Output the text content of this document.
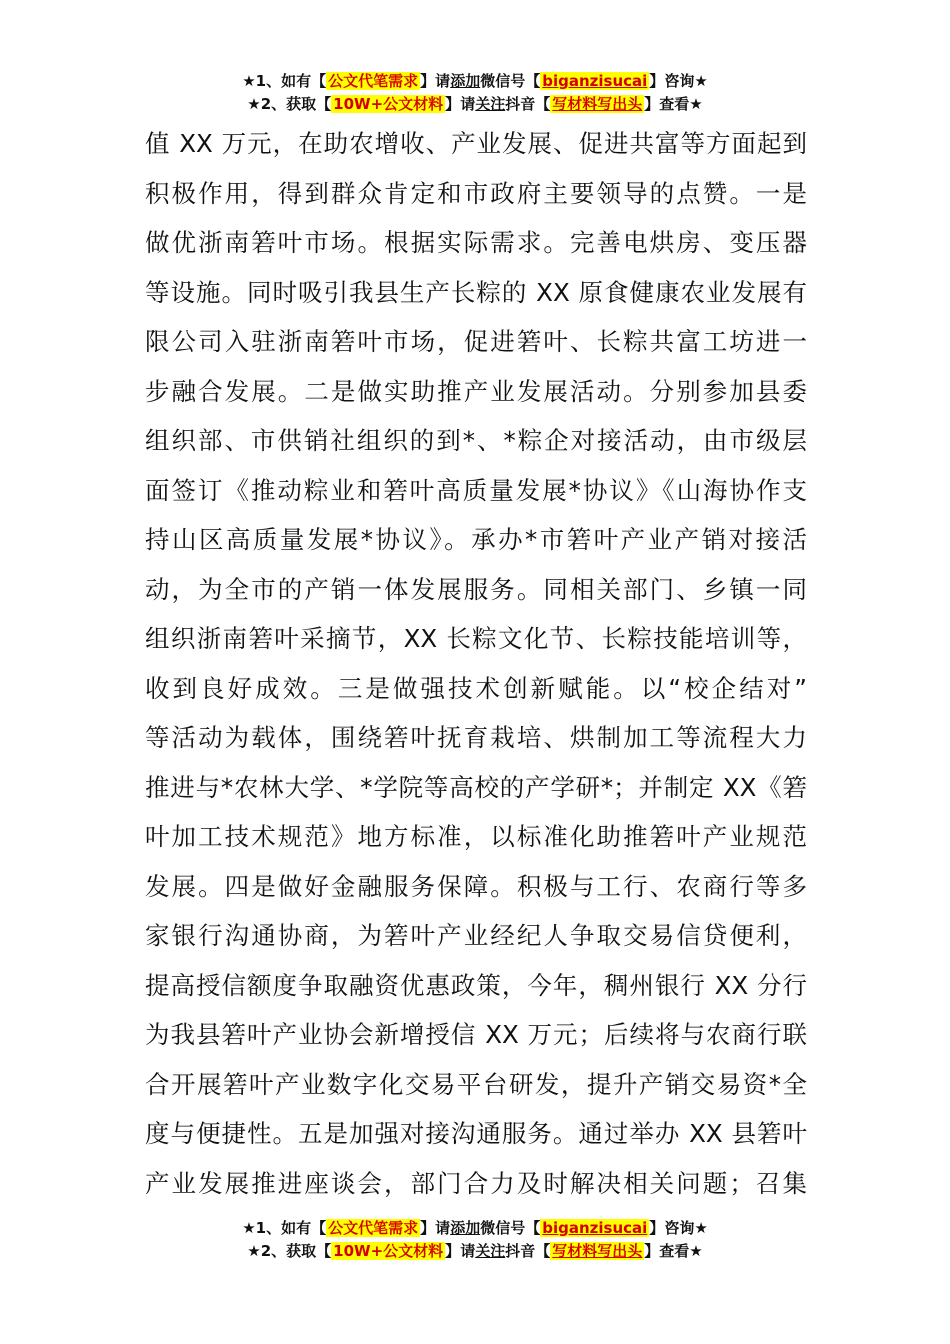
★1、如有【 公文代笔需求 】请添加微信号【 biganzisucai 】咨询★
★2、获取【 10W+公文材料 】请关注抖音【 写材料写出头 】查看★
值 XX 万元，在助农增收、产业发展、促进共富等方面起到
积极作用，得到群众肯定和市政府主要领导的点赞。一是
做优浙南箬叶市场。根据实际需求。完善电烘房、变压器
等设施。同时吸引我县生产长粽的 XX 原食健康农业发展有
限公司入驻浙南箬叶市场，促进箬叶、长粽共富工坊进一
步融合发展。二是做实助推产业发展活动。分别参加县委
组织部、市供销社组织的到*、*粽企对接活动，由市级层
面签订《推动粽业和箬叶高质量发展*协议》《山海协作支
持山区高质量发展*协议》。承办*市箬叶产业产销对接活
动，为全市的产销一体发展服务。同相关部门、乡镇一同
组织浙南箬叶采摘节，XX 长粽文化节、长粽技能培训等，
收到良好成效。三是做强技术创新赋能。以“校企结对”
等活动为载体，围绕箬叶抚育栽培、烘制加工等流程大力
推进与*农林大学、*学院等高校的产学研*；并制定 XX《箬
叶加工技术规范》地方标准，以标准化助推箬叶产业规范
发展。四是做好金融服务保障。积极与工行、农商行等多
家银行沟通协商，为箬叶产业经纪人争取交易信贷便利，
提高授信额度争取融资优惠政策，今年，稠州银行 XX 分行
为我县箬叶产业协会新增授信 XX 万元；后续将与农商行联
合开展箬叶产业数字化交易平台研发，提升产销交易资*全
度与便捷性。五是加强对接沟通服务。通过举办 XX 县箬叶
产业发展推进座谈会，部门合力及时解决相关问题；召集
★1、如有【 公文代笔需求 】请添加微信号【 biganzisucai 】咨询★
★2、获取【 10W+公文材料 】请关注抖音【 写材料写出头 】查看★
